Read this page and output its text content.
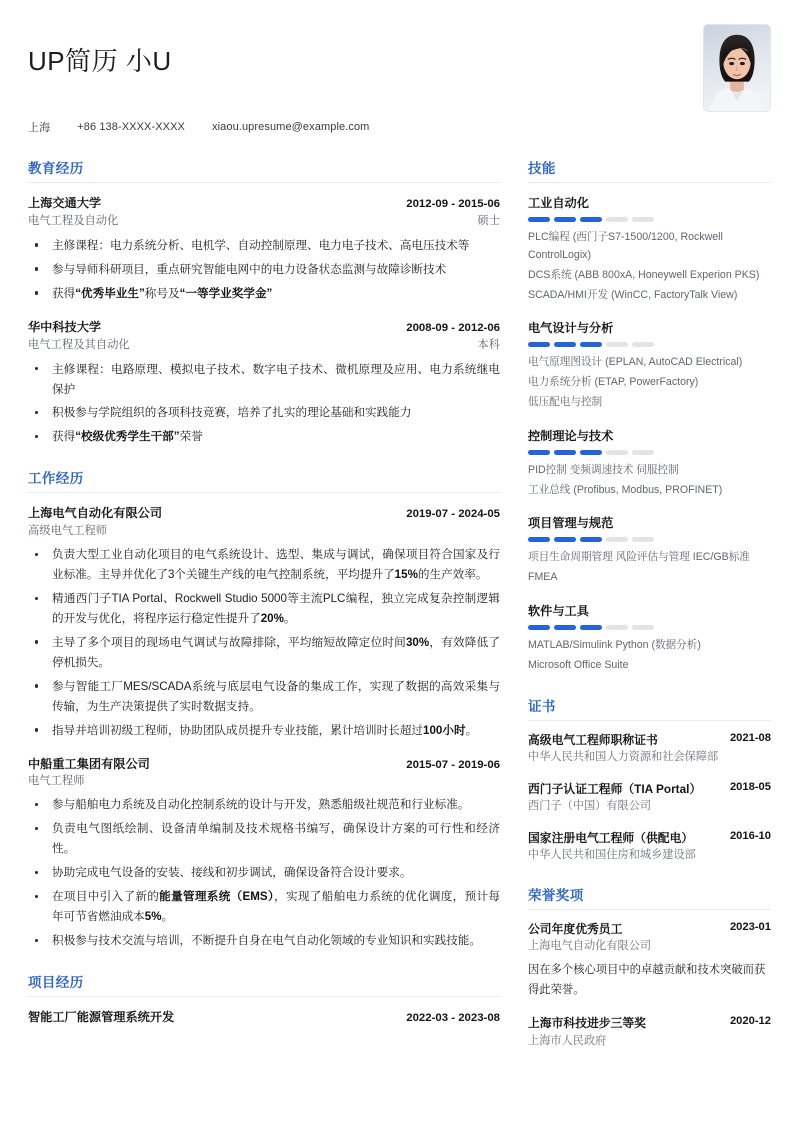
UP简历 小U
上海 +86 138-XXXX-XXXX xiaou.upresume@example.com
教育经历
上海交通大学	2012-09 - 2015-06
电气工程及自动化	硕士
主修课程：电力系统分析、电机学、自动控制原理、电力电子技术、高电压技术等
参与导师科研项目，重点研究智能电网中的电力设备状态监测与故障诊断技术
获得“优秀毕业生”称号及“一等学业奖学金”
华中科技大学	2008-09 - 2012-06
电气工程及其自动化	本科
主修课程：电路原理、模拟电子技术、数字电子技术、微机原理及应用、电力系统继电保护
积极参与学院组织的各项科技竞赛，培养了扎实的理论基础和实践能力
获得“校级优秀学生干部”荣誉
工作经历
上海电气自动化有限公司	2019-07 - 2024-05
高级电气工程师
负责大型工业自动化项目的电气系统设计、选型、集成与调试，确保项目符合国家及行业标准。主导并优化了3个关键生产线的电气控制系统，平均提升了15%的生产效率。
精通西门子TIA Portal、Rockwell Studio 5000等主流PLC编程，独立完成复杂控制逻辑的开发与优化，将程序运行稳定性提升了20%。
主导了多个项目的现场电气调试与故障排除，平均缩短故障定位时间30%，有效降低了停机损失。
参与智能工厂MES/SCADA系统与底层电气设备的集成工作，实现了数据的高效采集与传输，为生产决策提供了实时数据支持。
指导并培训初级工程师，协助团队成员提升专业技能，累计培训时长超过100小时。
中船重工集团有限公司	2015-07 - 2019-06
电气工程师
参与船舶电力系统及自动化控制系统的设计与开发，熟悉船级社规范和行业标准。
负责电气图纸绘制、设备清单编制及技术规格书编写，确保设计方案的可行性和经济性。
协助完成电气设备的安装、接线和初步调试，确保设备符合设计要求。
在项目中引入了新的能量管理系统（EMS），实现了船舶电力系统的优化调度，预计每年可节省燃油成本5%。
积极参与技术交流与培训，不断提升自身在电气自动化领域的专业知识和实践技能。
项目经历
智能工厂能源管理系统开发	2022-03 - 2023-08
技能
工业自动化
PLC编程 (西门子S7-1500/1200, Rockwell ControlLogix)
DCS系统 (ABB 800xA, Honeywell Experion PKS)
SCADA/HMI开发 (WinCC, FactoryTalk View)
电气设计与分析
电气原理图设计 (EPLAN, AutoCAD Electrical)
电力系统分析 (ETAP, PowerFactory)
低压配电与控制
控制理论与技术
PID控制 变频调速技术 伺服控制
工业总线 (Profibus, Modbus, PROFINET)
项目管理与规范
项目生命周期管理 风险评估与管理 IEC/GB标准
FMEA
软件与工具
MATLAB/Simulink Python (数据分析)
Microsoft Office Suite
证书
高级电气工程师职称证书	2021-08
中华人民共和国人力资源和社会保障部
西门子认证工程师（TIA Portal）	2018-05
西门子（中国）有限公司
国家注册电气工程师（供配电）	2016-10
中华人民共和国住房和城乡建设部
荣誉奖项
公司年度优秀员工	2023-01
上海电气自动化有限公司
因在多个核心项目中的卓越贡献和技术突破而获得此荣誉。
上海市科技进步三等奖	2020-12
上海市人民政府
